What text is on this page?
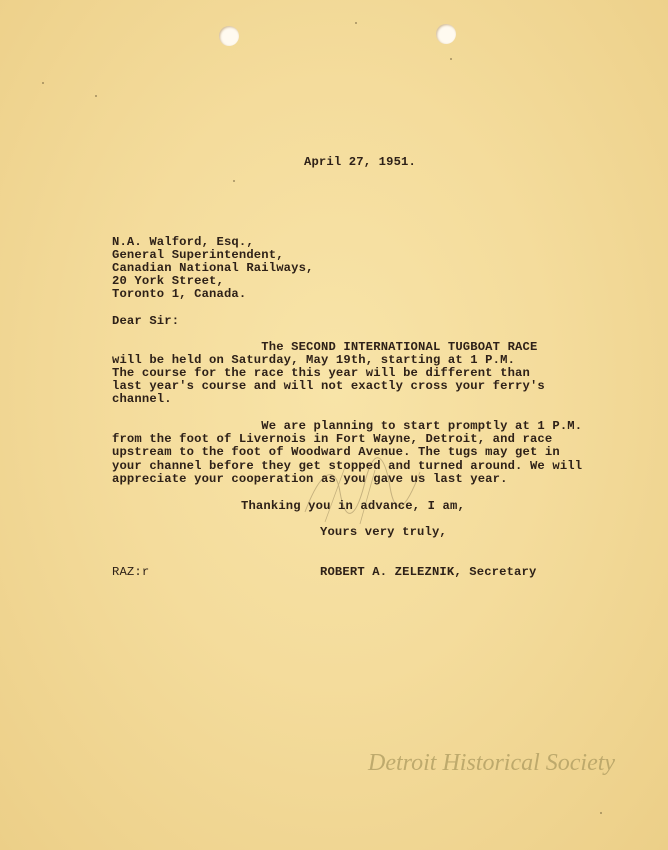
April 27, 1951.
N.A. Walford, Esq.,
General Superintendent,
Canadian National Railways,
20 York Street,
Toronto 1, Canada.
Dear Sir:
The SECOND INTERNATIONAL TUGBOAT RACE
will be held on Saturday, May 19th, starting at 1 P.M.
The course for the race this year will be different than
last year's course and will not exactly cross your ferry's
channel.
We are planning to start promptly at 1 P.M.
from the foot of Livernois in Fort Wayne, Detroit, and race
upstream to the foot of Woodward Avenue. The tugs may get in
your channel before they get stopped and turned around. We will
appreciate your cooperation as you gave us last year.
Thanking you in advance, I am,
Yours very truly,
RAZ:r	ROBERT A. ZELEZNIK, Secretary
Detroit Historical Society
